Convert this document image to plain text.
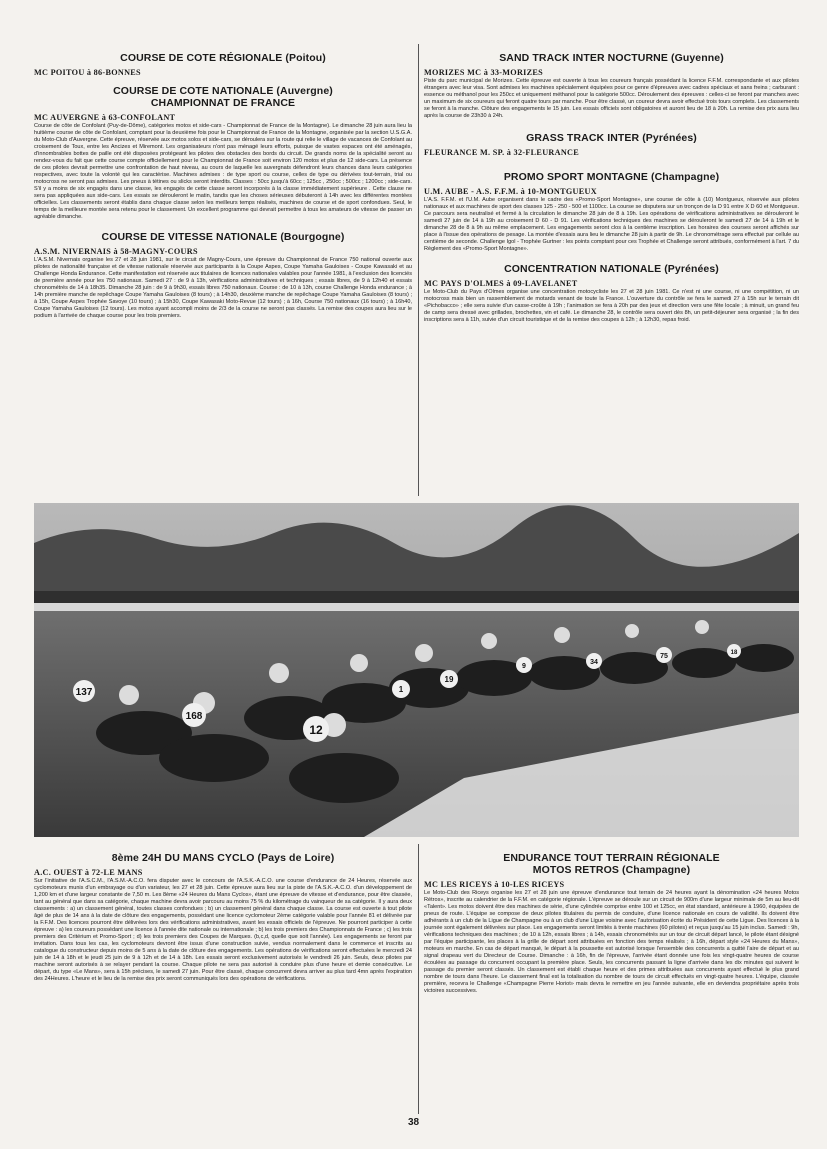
COURSE DE COTE RÉGIONALE (Poitou)
MC POITOU à 86-BONNES
COURSE DE COTE NATIONALE (Auvergne)
CHAMPIONNAT DE FRANCE
MC AUVERGNE à 63-CONFOLANT

Course de côte de Confolant (Puy-de-Dôme), catégories motos et side-cars - Championnat de France de la Montagne). Le dimanche 28 juin aura lieu la huitième course de côte de Confolant, comptant pour la deuxième fois pour le Championnat de France de la Montagne, organisée par la section U.S.G.A. du Moto-Club d'Auvergne. Cette épreuve, réservée aux motos solos et side-cars, se déroulera sur la route qui relie le village de vacances de Confolant au croisement de Toux, entre les Ancizes et Miremont. Les organisateurs n'ont pas ménagé leurs efforts, puisque de vastes espaces ont été aménagés, d'innombrables bottes de paille ont été disposées protégeant les pilotes des obstacles des bords du circuit. De grands noms de la spécialité seront au rendez-vous du fait que cette course compte officiellement pour le Championnat de France soit environ 120 motos et plus de 12 side-cars. La présence de ces pilotes devrait permettre une confrontation de haut niveau, au cours de laquelle les auvergnats défendront leurs chances dans leurs catégories respectives, avec toute la volonté qui les caractérise. Machines admises : de type sport ou course, celles de type ou dérivées tout-terrain, trial ou motocross ne seront pas admises. Les pneus à tétines ou slicks seront interdits. Classes : 50cc jusqu'à 60cc ; 125cc , 250cc ; 500cc ; 1200cc ; side-cars. S'il y a moins de six engagés dans une classe, les engagés de cette classe seront incorporés à la classe immédiatement supérieure . Cette clause ne sera pas appliquées aux side-cars. Les essais se dérouleront le matin, tandis que les choses sérieuses débuteront à 14h avec les différentes montées officielles. Les classements seront établis dans chaque classe selon les meilleurs temps réalisés, machines de course et de sport confondues. Seul, le temps de la meilleure montée sera retenu pour le classement. Un excellent programme qui devrait permettre à tous les amateurs de vitesse de passer un agréable dimanche.

COURSE DE VITESSE NATIONALE (Bourgogne)
A.S.M. NIVERNAIS à 58-MAGNY-COURS

L'A.S.M. Nivernais organise les 27 et 28 juin 1981, sur le circuit de Magny-Cours, une épreuve du Championnat de France 750 national ouverte aux pilotes de nationalité française et de vitesse nationale réservée aux participants à la Coupe Aspes, Coupe Yamaha Gauloises - Coupe Kawasaki et au Challenge Honda Endurance. Cette manifestation est réservée aux titulaires de licences nationales valables pour l'année 1981, à l'exclusion des licenciés de première année pour les 750 nationaux. Samedi 27 : de 9 à 13h, vérifications administratives et techniques ; essais libres, de 9 à 12h40 et essais chronométrés de 14 à 18h35. Dimanche 28 juin : de 9 à 9h30, essais libres 750 nationaux. Course : de 10 à 13h, course Challenge Honda endurance ; à 14h première manche de repêchage Coupe Yamaha Gauloises (8 tours) ; à 14h30, deuxième manche de repêchage Coupe Yamaha Gauloises (8 tours) ; à 15h, Coupe Aspes Trophée Savoye (10 tours) ; à 15h30, Coupe Kawasaki Moto-Revue (12 tours) ; à 16h, Course 750 nationaux (16 tours) ; à 16h40, Coupe Yamaha Gauloises (12 tours). Les motos ayant accompli moins de 2/3 de la course ne seront pas classés. La remise des coupes aura lieu sur le podium à l'arrivée de chaque course pour les trois premiers.

SAND TRACK INTER NOCTURNE (Guyenne)
MORIZES MC à 33-MORIZES

Piste du parc municipal de Morizes. Cette épreuve est ouverte à tous les coureurs français possédant la licence F.F.M. correspondante et aux pilotes étrangers avec leur visa. Sont admises les machines spécialement équipées pour ce genre d'épreuves avec cadres spéciaux et sans freins ; carburant : essence ou méthanol pour les 250cc et uniquement méthanol pour la catégorie 500cc. Déroulement des épreuves : celles-ci se feront par manches avec un maximum de six coureurs qui feront quatre tours par manche. Pour être classé, un coureur devra avoir effectué trois tours complets. Les classements se feront à la manche. Clôture des engagements le 15 juin. Les essais officiels sont obligatoires et auront lieu de 18 à 20h. La remise des prix aura lieu après la course de 23h30 à 24h.

GRASS TRACK INTER (Pyrénées)
FLEURANCE M. SP. à 32-FLEURANCE
PROMO SPORT MONTAGNE (Champagne)
U.M. AUBE - A.S. F.F.M. à 10-MONTGUEUX

L'A.S. F.F.M. et l'U.M. Aube organisent dans le cadre des «Promo-Sport Montagne», une course de côte à (10) Montgueux, réservée aux pilotes nationaux et aux machines de sport des classes 125 - 250 - 500 et 1100cc. La course se disputera sur un tronçon de la D 91 entre X D 60 et Montgueux. Ce parcours sera neutralisé et fermé à la circulation le dimanche 28 juin de 8 à 19h. Les opérations de vérifications administratives se dérouleront le samedi 27 juin de 14 à 19h au croisement D 60 - D 91. Les vérifications techniques des machines se dérouleront le samedi 27 de 14 à 19h et le dimanche 28 de 8 à 9h au même emplacement. Les engagements seront clos à la centième inscription. Les horaires des courses seront affichés sur place à l'issue des opérations de pesage. La montée d'essais aura lieu le dimanche 28 juin à partir de 9h. Le chronométrage sera effectué par cellule au centième de seconde. Challenge Igol - Trophée Gurtner : les points comptant pour ces Trophée et Challenge seront attribués, conformément à l'art. 7 du Règlement des «Promo-Sport Montagne».

CONCENTRATION NATIONALE (Pyrénées)
MC PAYS D'OLMES à 09-LAVELANET

Le Moto-Club du Pays d'Olmes organise une concentration motocycliste les 27 et 28 juin 1981. Ce n'est ni une course, ni une compétition, ni un motocross mais bien un rassemblement de motards venant de toute la France. L'ouverture du contrôle se fera le samedi 27 à 15h sur le terrain dit «Pichobacco» ; elle sera suivie d'un casse-croûte à 19h ; l'animation se fera à 20h par des jeux et direction vers une fête locale ; à minuit, un grand feu de camp sera dressé avec grillades, brochettes, vin et café. Le dimanche 28, le contrôle sera ouvert dès 8h, un petit-déjeuner sera organisé ; la fin des inscriptions sera à 11h, suivie d'un circuit touristique et de la remise des coupes à 12h ; à 12h30, repas froid.

137
168
12
1
19
9
34
75	18
8ème 24H DU MANS CYCLO (Pays de Loire)
A.C. OUEST à 72-LE MANS

Sur l'initiative de l'A.S.C.M., l'A.S.M.-A.C.O. fera disputer avec le concours de l'A.S.K.-A.C.O. une course d'endurance de 24 Heures, réservée aux cyclomoteurs munis d'un embrayage ou d'un variateur, les 27 et 28 juin. Cette épreuve aura lieu sur la piste de l'A.S.K.-A.C.O. d'un développement de 1,200 km et d'une largeur constante de 7,50 m. Les 8ème «24 Heures du Mans Cyclos», étant une épreuve de vitesse et d'endurance, pour être classée, tant au général que dans sa catégorie, chaque machine devra avoir parcouru au moins 75 % du kilométrage du vainqueur de sa catégorie. Il y aura deux classements : a) un classement général, toutes classes confondues ; b) un classement général dans chaque classe. La course est ouverte à tout pilote âgé de plus de 14 ans à la date de clôture des engagements, possédant une licence cyclomoteur 2ème catégorie valable pour l'année 81 et délivrée par la F.F.M. Des licences pourront être délivrées lors des vérifications administratives, avant les essais officiels de l'épreuve. Ne pourront participer à cette épreuve : a) les coureurs possédant une licence à l'année dite nationale ou internationale ; b) les trois premiers des Championnats de France ; c) les trois premiers des Critérium et Promo-Sport ; d) les trois premiers des Coupes de Marques. (b,c,d, quelle que soit l'année). Les engagements se feront par invitation. Dans tous les cas, les cyclomoteurs devront être issus d'une construction suivie, vendus normalement dans le commerce et inscrits au catalogue du constructeur depuis moins de 5 ans à la date de clôture des engagements. Les opérations de vérifications seront effectuées le mercredi 24 juin de 14 à 18h et le jeudi 25 juin de 9 à 12h et de 14 à 18h. Les essais seront exclusivement autorisés le vendredi 26 juin. Seuls, deux pilotes par machine seront autorisés à se relayer pendant la course. Chaque pilote ne sera pas autorisé à conduire plus d'une heure et demie consécutive. Le départ, du type «Le Mans», sera à 15h précises, le samedi 27 juin. Pour être classé, chaque concurrent devra arriver au plus tard 4mn après l'expiration des 24Heures. L'heure et le lieu de la remise des prix seront communiqués lors des opérations de vérifications.

ENDURANCE TOUT TERRAIN RÉGIONALE
MOTOS RETROS (Champagne)
MC LES RICEYS à 10-LES RICEYS

Le Moto-Club des Riceys organise les 27 et 28 juin une épreuve d'endurance tout terrain de 24 heures ayant la dénomination «24 heures Motos Rétros», inscrite au calendrier de la F.F.M. en catégorie régionale. L'épreuve se déroule sur un circuit de 900m d'une largeur minimale de 5m au lieu-dit «Talent». Les motos doivent être des machines de série, d'une cylindrée comprise entre 100 et 125cc, en état standard, antérieure à 1960, équipées de pneus de route. L'équipe se compose de deux pilotes titulaires du permis de conduire, d'une licence nationale en cours de validité. Ils doivent être adhérants à un club de la Ligue de Champagne ou à un club d'une Ligue voisine avec l'autorisation écrite du Président de cette Ligue. Des licences à la journée sont également délivrées sur place. Les engagements seront limités à trente machines (60 pilotes) et reçus jusqu'au 15 juin inclus. Samedi : 9h, vérifications techniques des machines ; de 10 à 12h, essais libres ; à 14h, essais chronométrés sur un tour de circuit départ lancé, le pilote étant désigné par l'équipe participante, les places à la grille de départ sont attribuées en fonction des temps réalisés ; à 16h, départ style «24 Heures du Mans», moteurs en marche. En cas de départ manqué, le départ à la poussette est autorisé lorsque l'ensemble des concurrents a quitté l'aire de départ et au signal drapeau vert du Directeur de Course. Dimanche : à 16h, fin de l'épreuve, l'arrivée étant donnée une fois les vingt-quatre heures de course écoulées au passage du concurrent occupant la première place. Seuls, les concurrents passant la ligne d'arrivée dans les dix minutes qui suivent le passage du premier seront classés. Un classement est établi chaque heure et des primes attribuées aux concurrents ayant effectué le plus grand nombre de tours dans l'heure. Le classement final est la totalisation du nombre de tours de circuit effectués en vingt-quatre heures. L'équipe, classée première, recevra le Challenge «Champagne Pierre Horiot» mais devra le remettre en jeu l'année suivante, elle en deviendra propriétaire après trois victoires successives.

38
